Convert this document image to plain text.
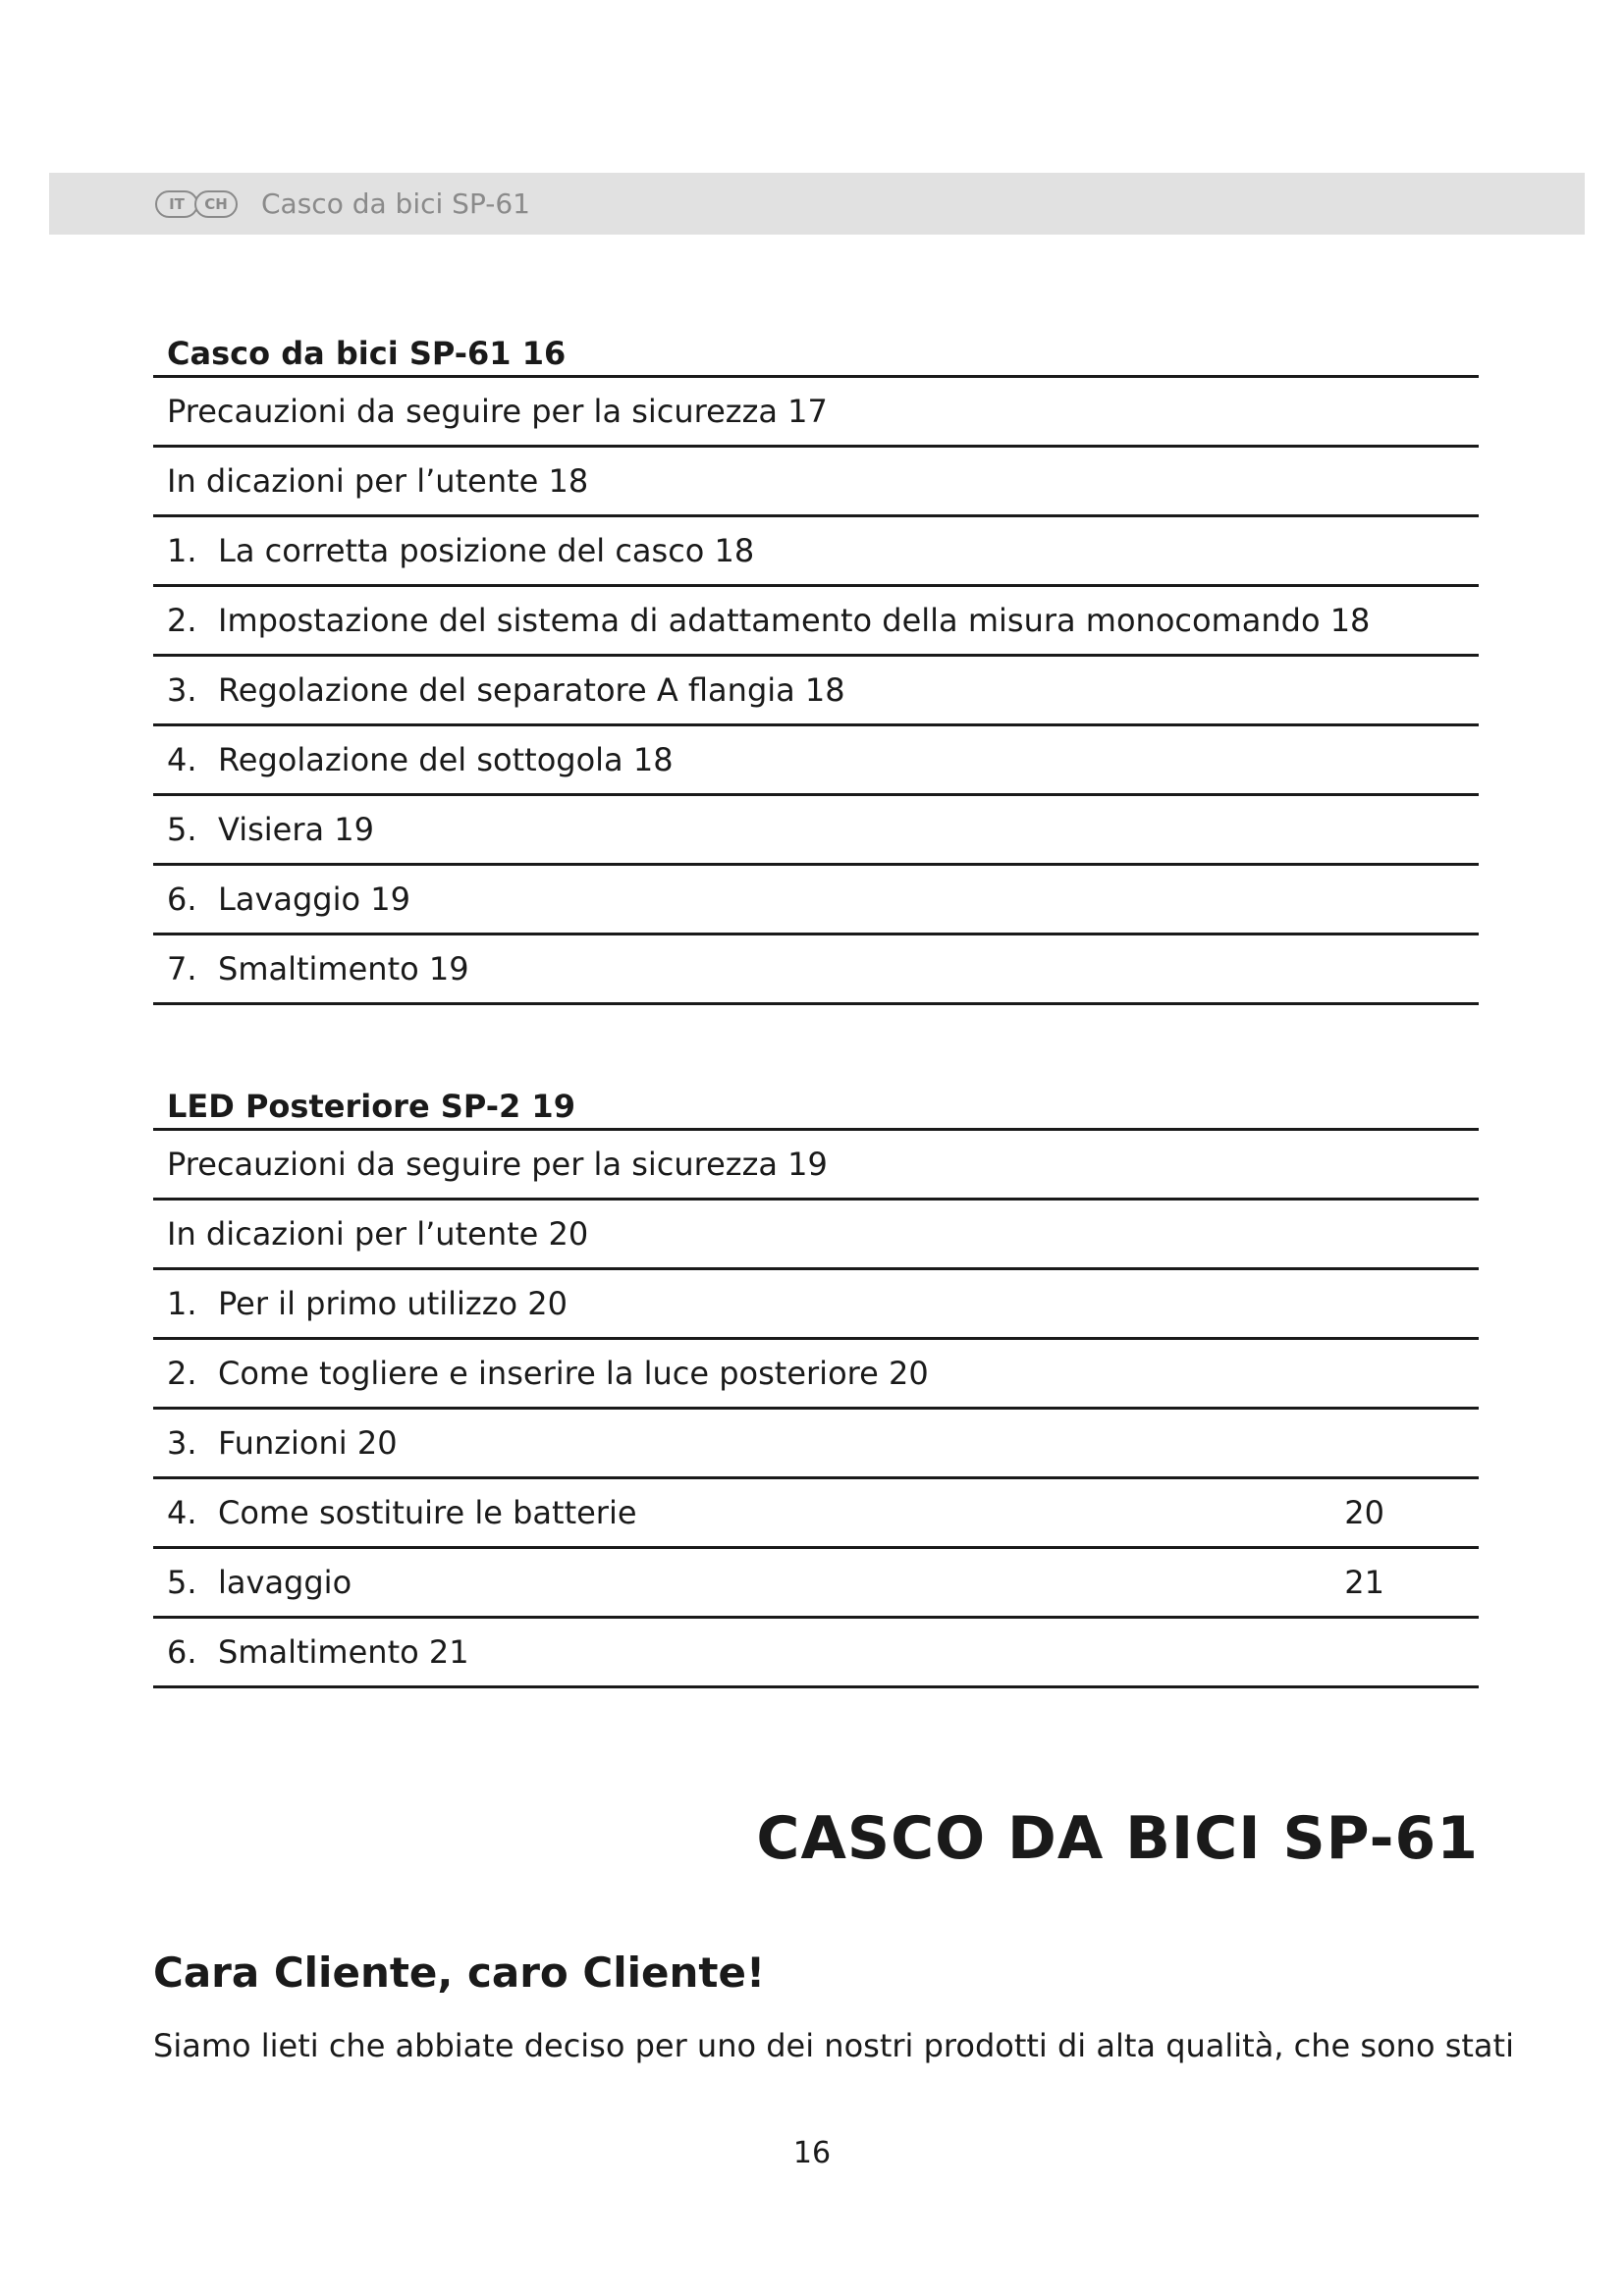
IT	CH	Casco da bici SP-61
Casco da bici SP-61 16
Precauzioni da seguire per la sicurezza 17
In dicazioni per l’utente 18
1. La corretta posizione del casco 18
2. Impostazione del sistema di adattamento della misura monocomando 18
3. Regolazione del separatore A flangia 18
4. Regolazione del sottogola 18
5. Visiera 19
6. Lavaggio 19
7. Smaltimento 19
LED Posteriore SP-2 19
Precauzioni da seguire per la sicurezza 19
In dicazioni per l’utente 20
1. Per il primo utilizzo 20
2. Come togliere e inserire la luce posteriore 20
3. Funzioni 20
4. Come sostituire le batterie	20
5. lavaggio	21
6. Smaltimento 21
CASCO DA BICI SP-61
Cara Cliente, caro Cliente!
Siamo lieti che abbiate deciso per uno dei nostri prodotti di alta qualità, che sono stati
16
